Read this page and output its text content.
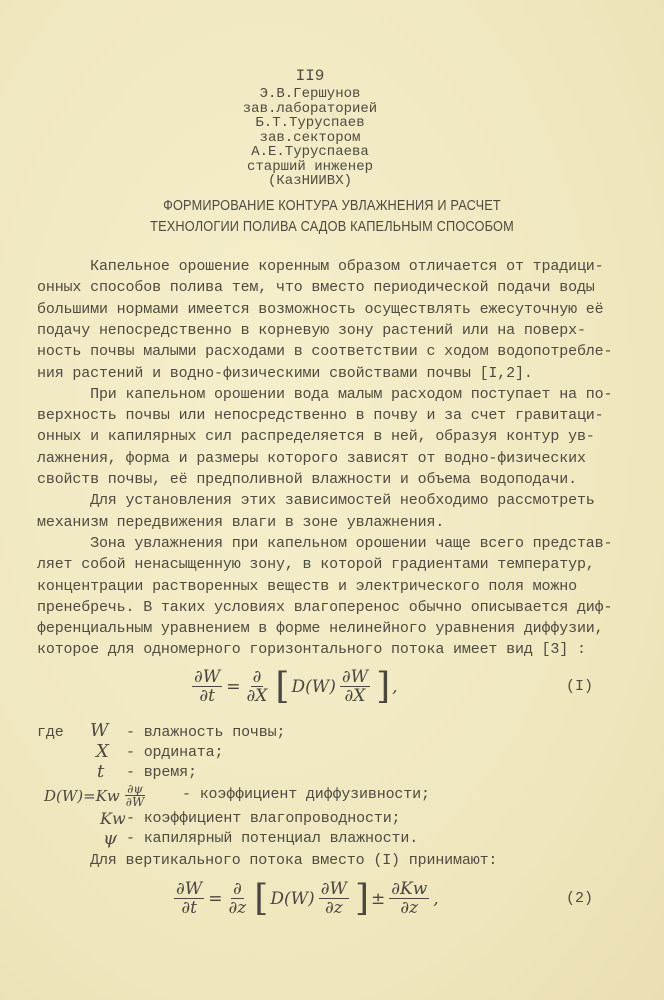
II9
Э.В.Гершунов
зав.лабораторией
Б.Т.Туруспаев
зав.сектором
А.Е.Туруспаева
старший инженер
(КазНИИВХ)
ФОРМИРОВАНИЕ КОНТУРА УВЛАЖНЕНИЯ И РАСЧЕТ
ТЕХНОЛОГИИ ПОЛИВА САДОВ КАПЕЛЬНЫМ СПОСОБОМ
Капельное орошение коренным образом отличается от традици-
онных способов полива тем, что вместо периодической подачи воды
большими нормами имеется возможность осуществлять ежесуточную её
подачу непосредственно в корневую зону растений или на поверх-
ность почвы малыми расходами в соответствии с ходом водопотребле-
ния растений и водно-физическими свойствами почвы [I,2].
При капельном орошении вода малым расходом поступает на по-
верхность почвы или непосредственно в почву и за счет гравитаци-
онных и капилярных сил распределяется в ней, образуя контур ув-
лажнения, форма и размеры которого зависят от водно-физических
свойств почвы, её предполивной влажности и объема водоподачи.
Для установления этих зависимостей необходимо рассмотреть
механизм передвижения влаги в зоне увлажнения.
Зона увлажнения при капельном орошении чаще всего представ-
ляет собой ненасыщенную зону, в которой градиентами температур,
концентрации растворенных веществ и электрического поля можно
пренебречь. В таких условиях влагоперенос обычно описывается диф-
ференциальным уравнением в форме нелинейного уравнения диффузии,
которое для одномерного горизонтального потока имеет вид [3] :
$\frac{\partial W}{\partial t} = \frac{\partial}{\partial X}$ [ $D(W) \frac{\partial W}{\partial X}$ ] ,	(I)
где W - влажность почвы;
X - ордината;
t - время;
$D(W)=Kw \frac{\partial\psi}{\partial W}$ - коэффициент диффузивности;
Kw - коэффициент влагопроводности;
ψ - капилярный потенциал влажности.
Для вертикального потока вместо (I) принимают:
$\frac{\partial W}{\partial t} = \frac{\partial}{\partial z}$ [ $D(W) \frac{\partial W}{\partial z}$ ] ± $\frac{\partial Kw}{\partial z}$ ,	(2)
